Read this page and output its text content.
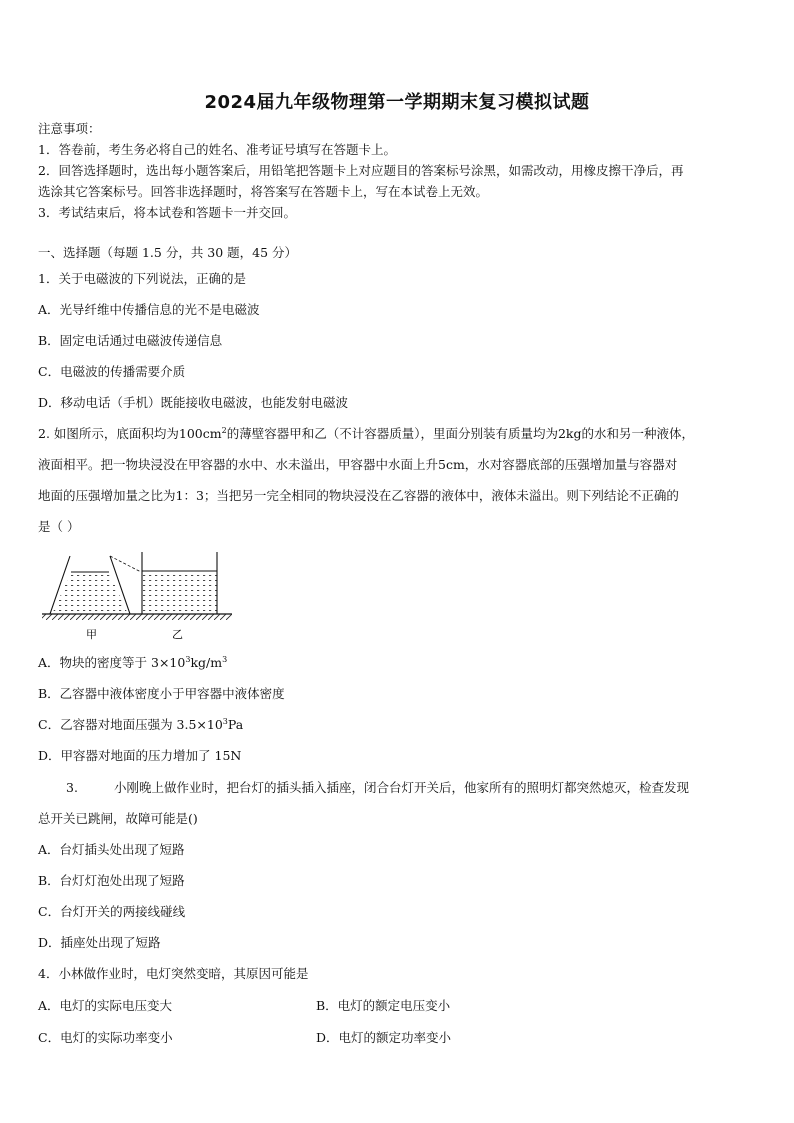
2024届九年级物理第一学期期末复习模拟试题
注意事项：
1．答卷前，考生务必将自己的姓名、准考证号填写在答题卡上。
2．回答选择题时，选出每小题答案后，用铅笔把答题卡上对应题目的答案标号涂黑，如需改动，用橡皮擦干净后，再
选涂其它答案标号。回答非选择题时，将答案写在答题卡上，写在本试卷上无效。
3．考试结束后，将本试卷和答题卡一并交回。
一、选择题（每题 1.5 分，共 30 题，45 分）
1．关于电磁波的下列说法，正确的是
A．光导纤维中传播信息的光不是电磁波
B．固定电话通过电磁波传递信息
C．电磁波的传播需要介质
D．移动电话（手机）既能接收电磁波，也能发射电磁波
2. 如图所示，底面积均为$100cm^2$的薄壁容器甲和乙（不计容器质量），里面分别装有质量均为2kg的水和另一种液体，
液面相平。把一物块浸没在甲容器的水中、水未溢出，甲容器中水面上升5cm，水对容器底部的压强增加量与容器对
地面的压强增加量之比为1：3；当把另一完全相同的物块浸没在乙容器的液体中，液体未溢出。则下列结论不正确的
是（ ）
甲	乙
A．物块的密度等于 $3\times 10^3kg/m^3$
B．乙容器中液体密度小于甲容器中液体密度
C．乙容器对地面压强为 $3.5\times 10^3Pa$
D．甲容器对地面的压力增加了 15N
3.	小刚晚上做作业时，把台灯的插头插入插座，闭合台灯开关后，他家所有的照明灯都突然熄灭，检查发现
总开关已跳闸，故障可能是()
A．台灯插头处出现了短路
B．台灯灯泡处出现了短路
C．台灯开关的两接线碰线
D．插座处出现了短路
4．小林做作业时，电灯突然变暗，其原因可能是
A．电灯的实际电压变大	B．电灯的额定电压变小
C．电灯的实际功率变小	D．电灯的额定功率变小
